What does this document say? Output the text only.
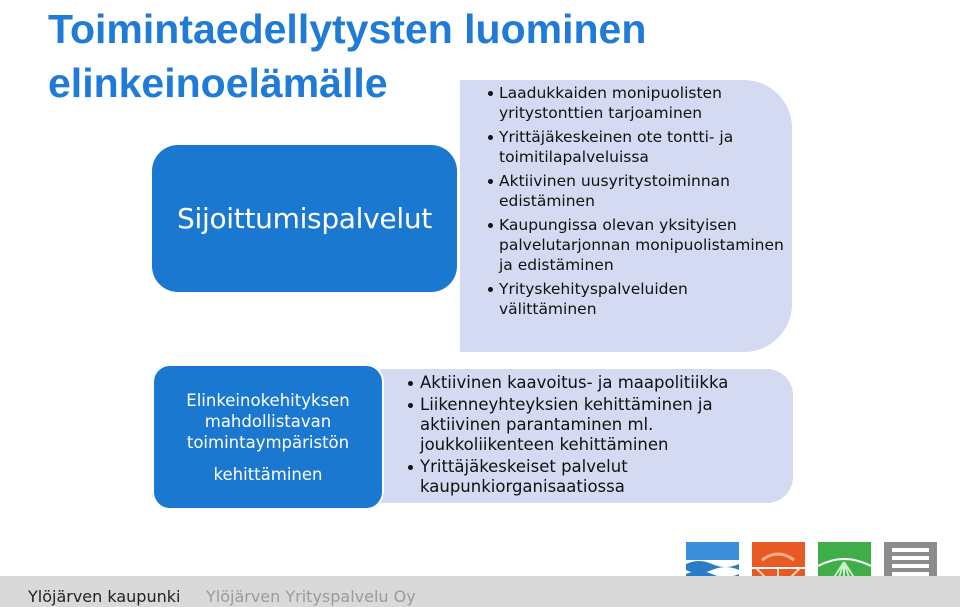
Toimintaedellytysten luominen
elinkeinoelämälle
Sijoittumispalvelut
Laadukkaiden monipuolisten yritystonttien tarjoaminen
Yrittäjäkeskeinen ote tontti- ja toimitilapalveluissa
Aktiivinen uusyritystoiminnan edistäminen
Kaupungissa olevan yksityisen palvelutarjonnan monipuolistaminen ja edistäminen
Yrityskehityspalveluiden välittäminen
Elinkeinokehityksen
mahdollistavan
toimintaympäristön
kehittäminen
Aktiivinen kaavoitus- ja maapolitiikka
Liikenneyhteyksien kehittäminen ja aktiivinen parantaminen ml. joukkoliikenteen kehittäminen
Yrittäjäkeskeiset palvelut kaupunkiorganisaatiossa
Ylöjärven kaupunki Ylöjärven Yrityspalvelu Oy
